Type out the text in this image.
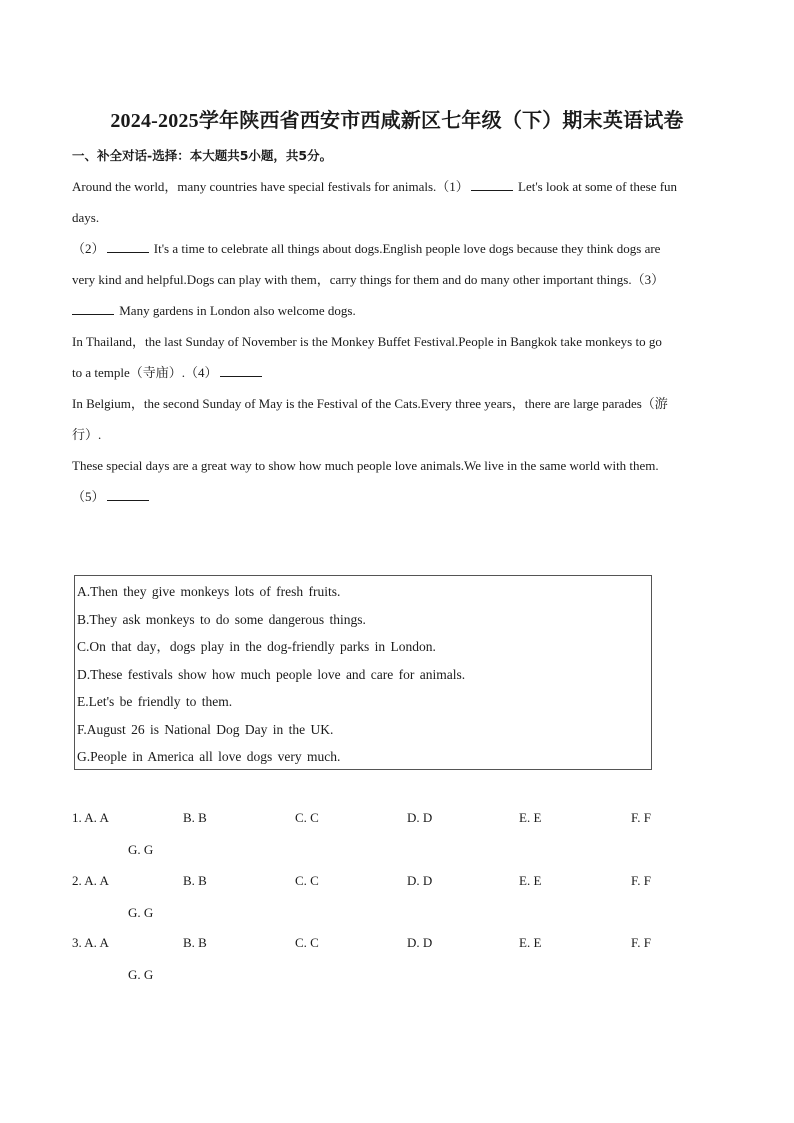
2024-2025学年陕西省西安市西咸新区七年级（下）期末英语试卷
一、补全对话-选择：本大题共5小题，共5分。
Around the world，many countries have special festivals for animals.（1）	Let's look at some of these fun
days.
（2）	It's a time to celebrate all things about dogs.English people love dogs because they think dogs are
very kind and helpful.Dogs can play with them，carry things for them and do many other important things.（3）
Many gardens in London also welcome dogs.
In Thailand，the last Sunday of November is the Monkey Buffet Festival.People in Bangkok take monkeys to go
to a temple（寺庙）.（4）
In Belgium，the second Sunday of May is the Festival of the Cats.Every three years，there are large parades（游
行）.
These special days are a great way to show how much people love animals.We live in the same world with them.
（5）
A.Then they give monkeys lots of fresh fruits.
B.They ask monkeys to do some dangerous things.
C.On that day，dogs play in the dog-friendly parks in London.
D.These festivals show how much people love and care for animals.
E.Let's be friendly to them.
F.August 26 is National Dog Day in the UK.
G.People in America all love dogs very much.
1. A. A	B. B	C. C	D. D	E. E	F. F
G. G
2. A. A	B. B	C. C	D. D	E. E	F. F
G. G
3. A. A	B. B	C. C	D. D	E. E	F. F
G. G
